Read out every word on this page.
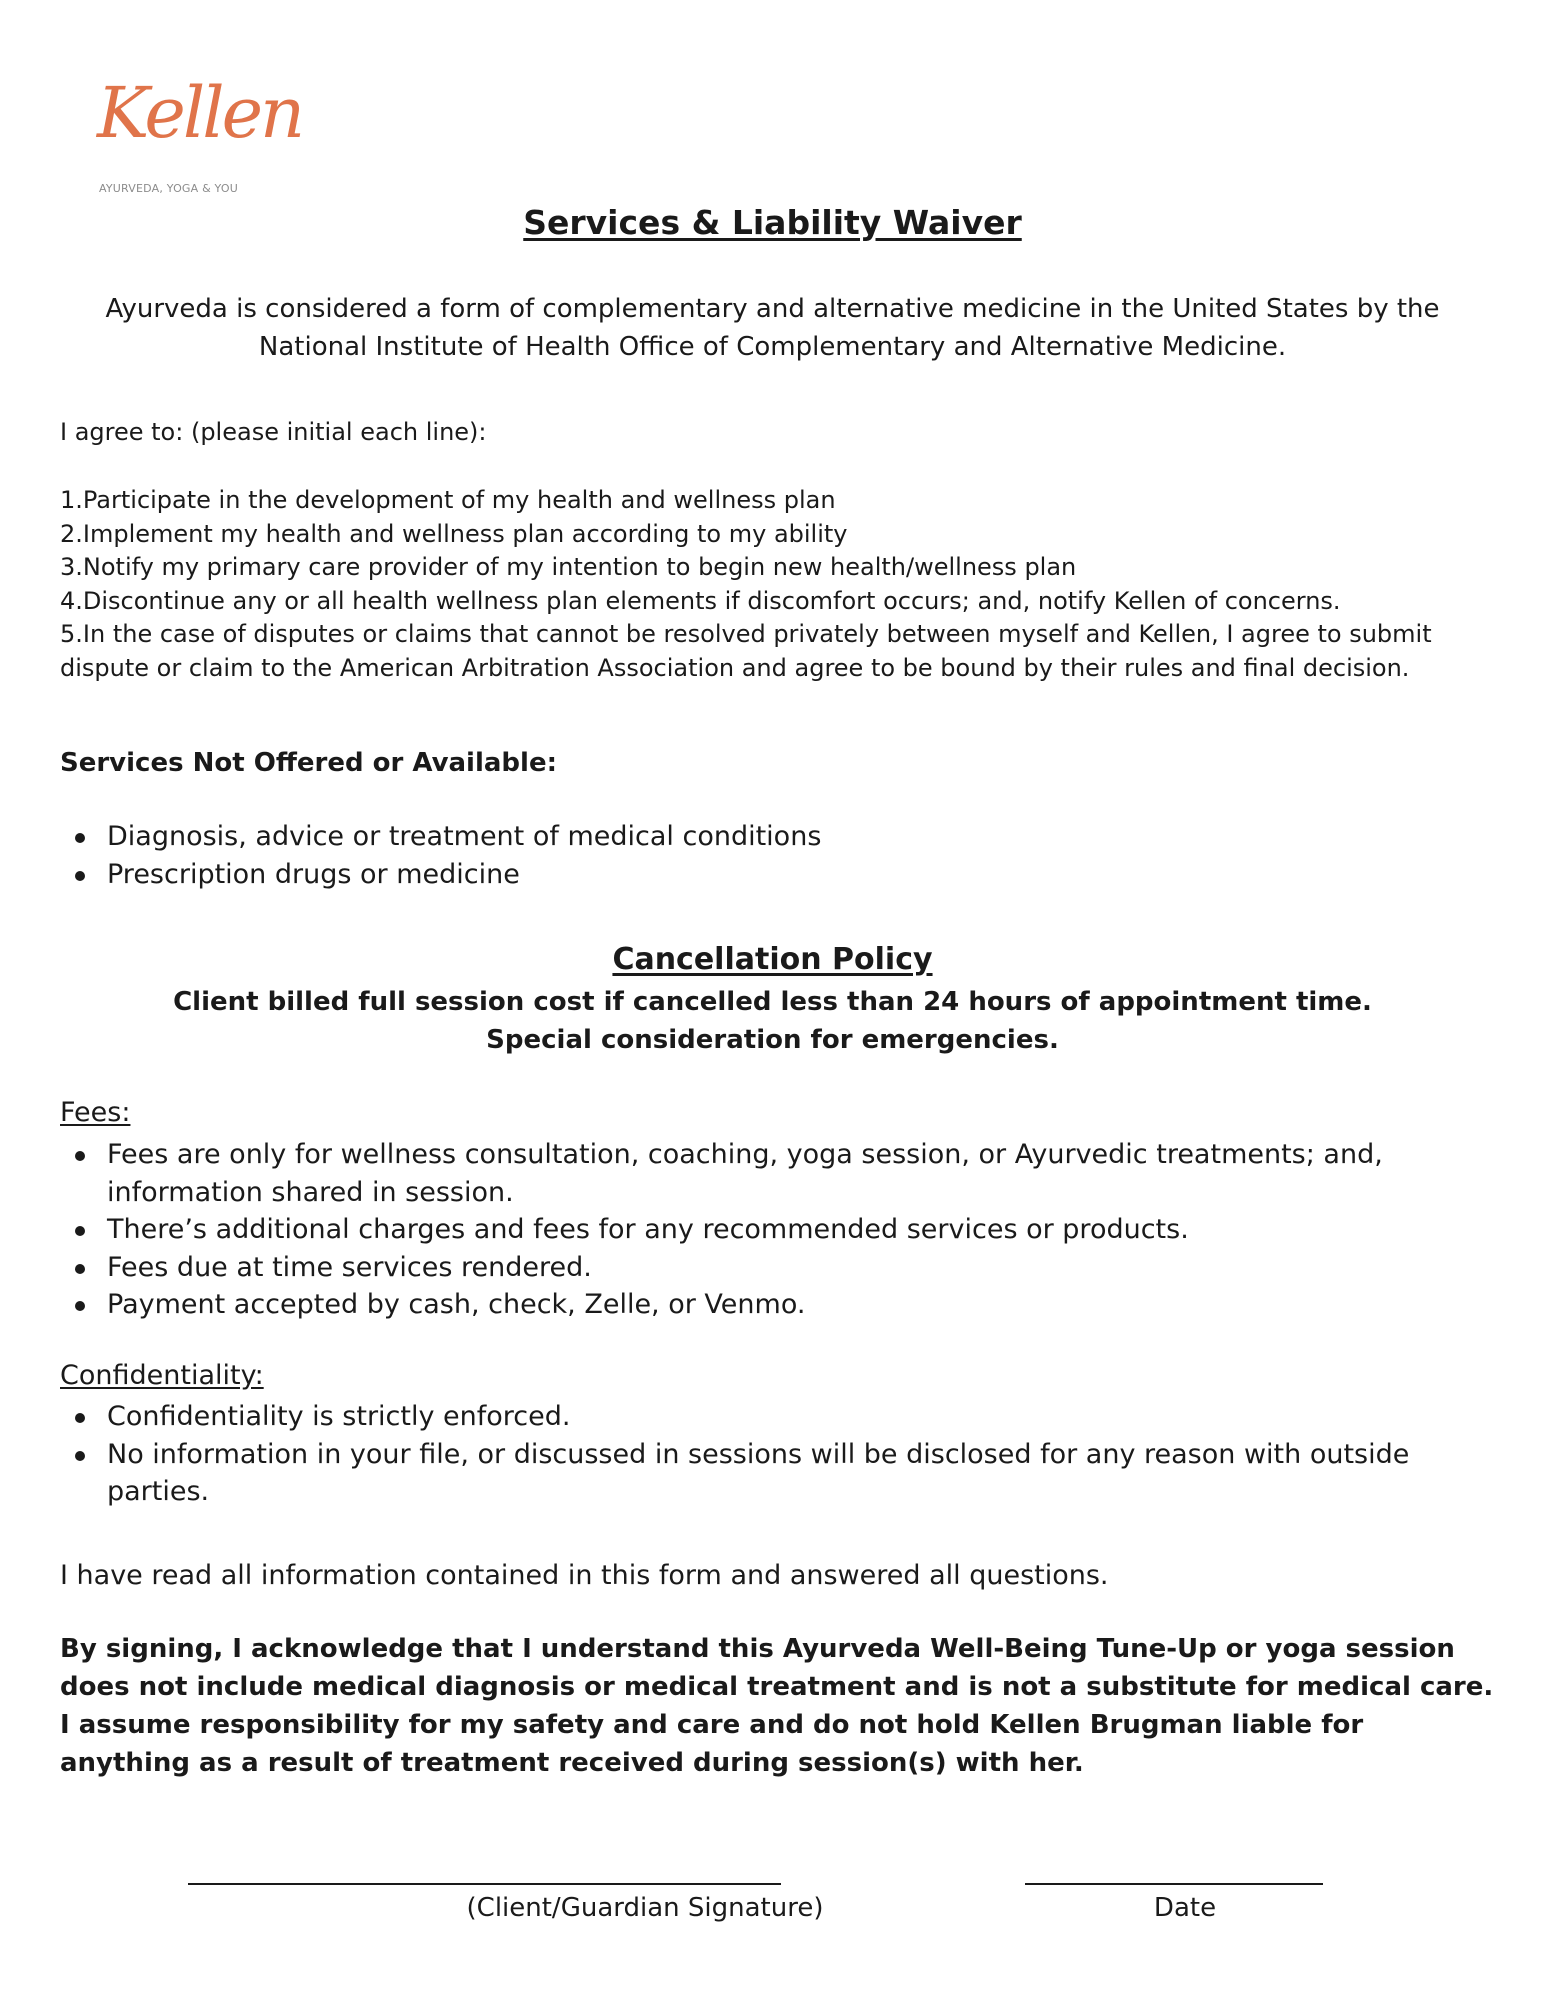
Kellen
AYURVEDA, YOGA & YOU
Services & Liability Waiver
Ayurveda is considered a form of complementary and alternative medicine in the United States by the National Institute of Health Office of Complementary and Alternative Medicine.
I agree to: (please initial each line):
1.Participate in the development of my health and wellness plan
2.Implement my health and wellness plan according to my ability
3.Notify my primary care provider of my intention to begin new health/wellness plan
4.Discontinue any or all health wellness plan elements if discomfort occurs; and, notify Kellen of concerns.
5.In the case of disputes or claims that cannot be resolved privately between myself and Kellen, I agree to submit dispute or claim to the American Arbitration Association and agree to be bound by their rules and final decision.
Services Not Offered or Available:
Diagnosis, advice or treatment of medical conditions
Prescription drugs or medicine
Cancellation Policy
Client billed full session cost if cancelled less than 24 hours of appointment time.
Special consideration for emergencies.
Fees:
Fees are only for wellness consultation, coaching, yoga session, or Ayurvedic treatments; and, information shared in session.
There’s additional charges and fees for any recommended services or products.
Fees due at time services rendered.
Payment accepted by cash, check, Zelle, or Venmo.
Confidentiality:
Confidentiality is strictly enforced.
No information in your file, or discussed in sessions will be disclosed for any reason with outside parties.
I have read all information contained in this form and answered all questions.
By signing, I acknowledge that I understand this Ayurveda Well-Being Tune-Up or yoga session does not include medical diagnosis or medical treatment and is not a substitute for medical care. I assume responsibility for my safety and care and do not hold Kellen Brugman liable for anything as a result of treatment received during session(s) with her.
(Client/Guardian Signature)	Date
